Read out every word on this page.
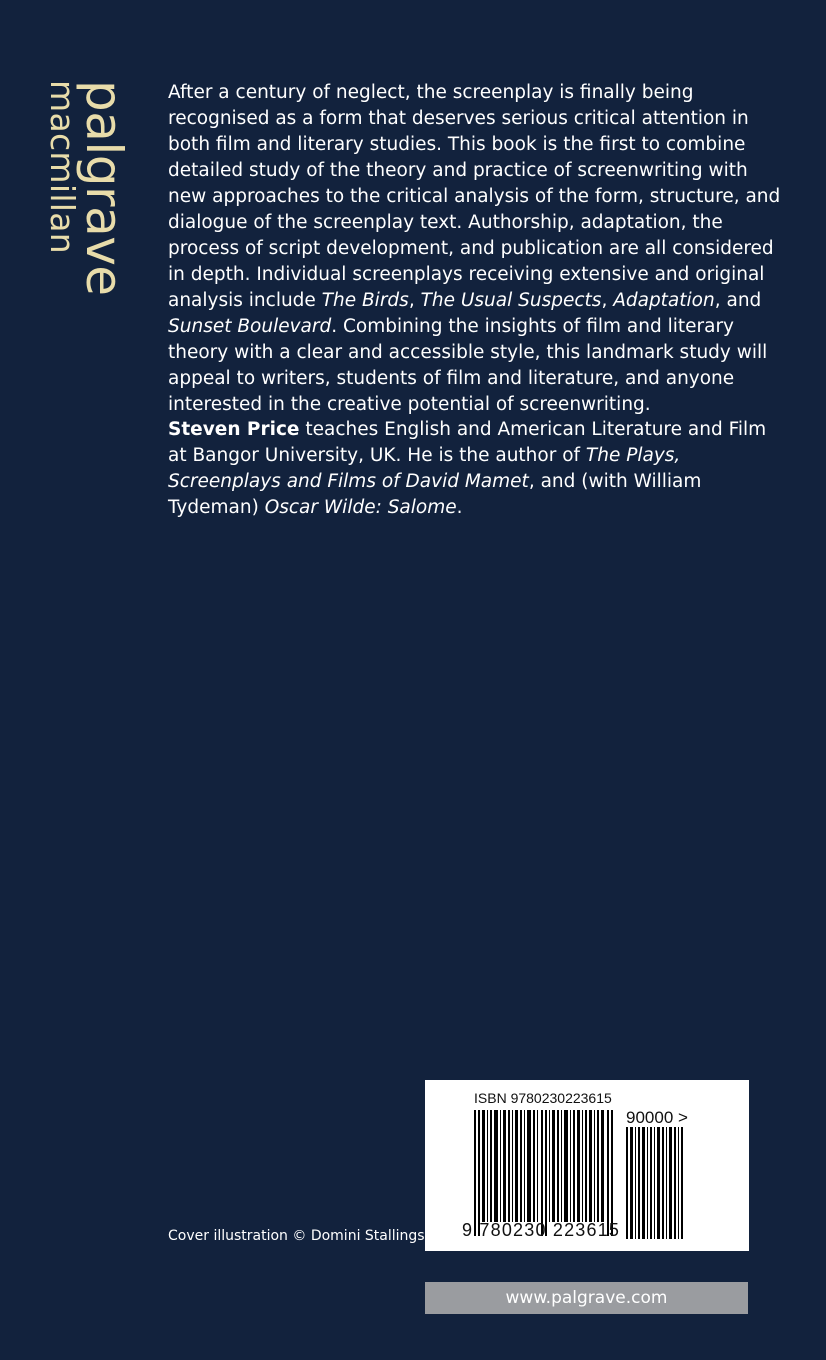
palgrave
macmillan	After a century of neglect, the screenplay is finally being recognised as a form that deserves serious critical attention in both film and literary studies. This book is the first to combine detailed study of the theory and practice of screenwriting with new approaches to the critical analysis of the form, structure, and dialogue of the screenplay text. Authorship, adaptation, the process of script development, and publication are all considered in depth. Individual screenplays receiving extensive and original analysis include The Birds, The Usual Suspects, Adaptation, and Sunset Boulevard. Combining the insights of film and literary theory with a clear and accessible style, this landmark study will appeal to writers, students of film and literature, and anyone interested in the creative potential of screenwriting.

Steven Price teaches English and American Literature and Film at Bangor University, UK. He is the author of The Plays, Screenplays and Films of David Mamet, and (with William Tydeman) Oscar Wilde: Salome.

Cover illustration © Domini Stallings
ISBN 9780230223615
90000 >
9 780230 223615
www.palgrave.com
